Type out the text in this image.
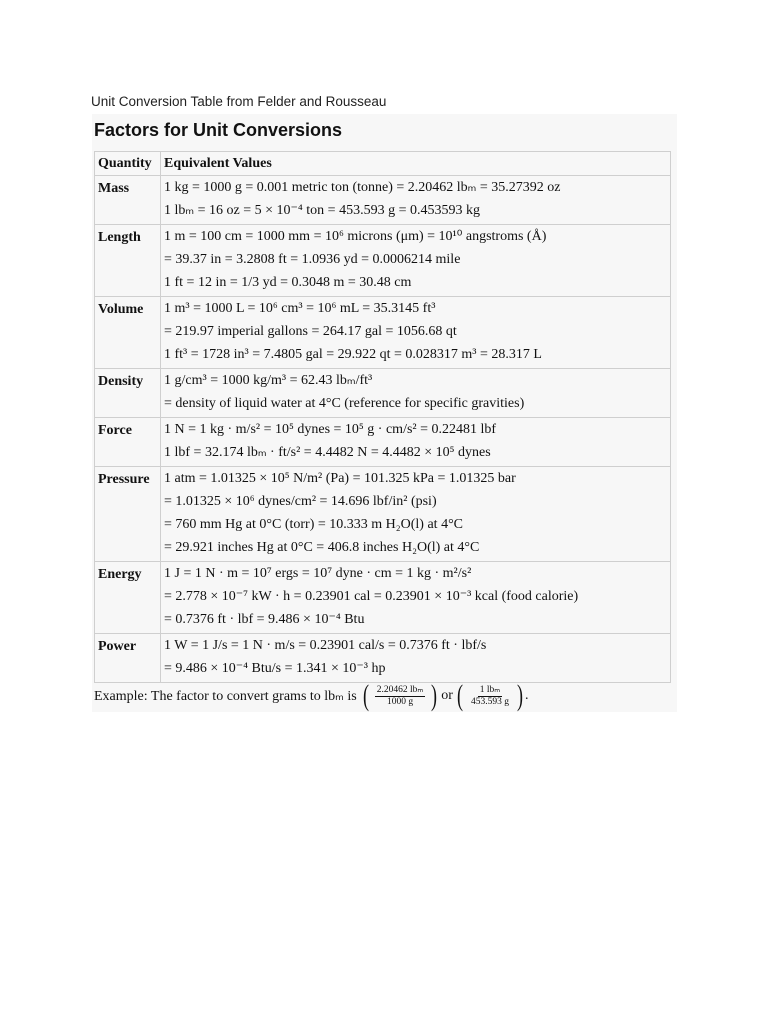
Unit Conversion Table from Felder and Rousseau
Factors for Unit Conversions
Quantity	Equivalent Values
Mass	1 kg = 1000 g = 0.001 metric ton (tonne) = 2.20462 lbₘ = 35.27392 oz
1 lbₘ = 16 oz = 5 × 10⁻⁴ ton = 453.593 g = 0.453593 kg

Length	1 m = 100 cm = 1000 mm = 10⁶ microns (μm) = 10¹⁰ angstroms (Å)
= 39.37 in = 3.2808 ft = 1.0936 yd = 0.0006214 mile
1 ft = 12 in = 1/3 yd = 0.3048 m = 30.48 cm

Volume	1 m³ = 1000 L = 10⁶ cm³ = 10⁶ mL = 35.3145 ft³
= 219.97 imperial gallons = 264.17 gal = 1056.68 qt
1 ft³ = 1728 in³ = 7.4805 gal = 29.922 qt = 0.028317 m³ = 28.317 L

Density	1 g/cm³ = 1000 kg/m³ = 62.43 lbₘ/ft³
= density of liquid water at 4°C (reference for specific gravities)

Force	1 N = 1 kg · m/s² = 10⁵ dynes = 10⁵ g · cm/s² = 0.22481 lbf
1 lbf = 32.174 lbₘ · ft/s² = 4.4482 N = 4.4482 × 10⁵ dynes

Pressure	1 atm = 1.01325 × 10⁵ N/m² (Pa) = 101.325 kPa = 1.01325 bar
= 1.01325 × 10⁶ dynes/cm² = 14.696 lbf/in² (psi)
= 760 mm Hg at 0°C (torr) = 10.333 m H₂O(l) at 4°C
= 29.921 inches Hg at 0°C = 406.8 inches H₂O(l) at 4°C

Energy	1 J = 1 N · m = 10⁷ ergs = 10⁷ dyne · cm = 1 kg · m²/s²
= 2.778 × 10⁻⁷ kW · h = 0.23901 cal = 0.23901 × 10⁻³ kcal (food calorie)
= 0.7376 ft · lbf = 9.486 × 10⁻⁴ Btu

Power	1 W = 1 J/s = 1 N · m/s = 0.23901 cal/s = 0.7376 ft · lbf/s
= 9.486 × 10⁻⁴ Btu/s = 1.341 × 10⁻³ hp
Example: The factor to convert grams to lbₘ is ( $\frac{\text{2.20462 lbₘ}}{1000 g}$ ) or ( $\frac{\text{1 lbₘ}}{453.593 g}$ ) .
